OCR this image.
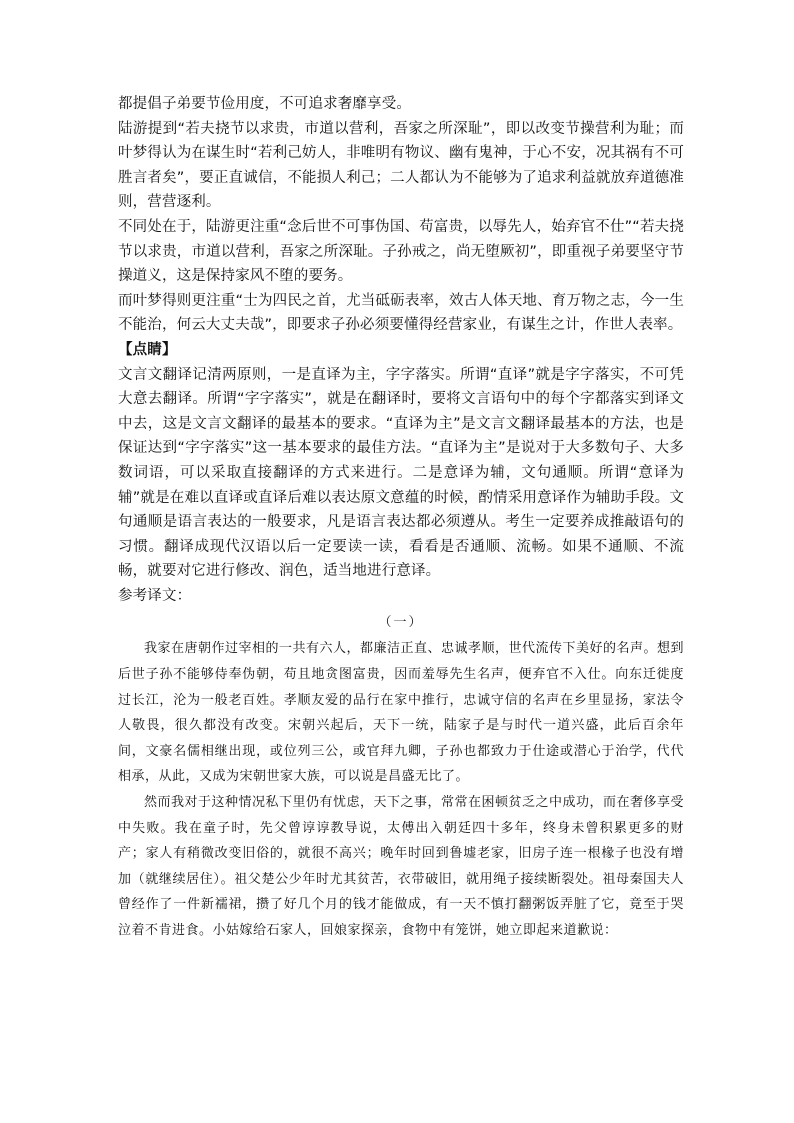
都提倡子弟要节俭用度，不可追求奢靡享受。

陆游提到“若夫挠节以求贵，市道以营利，吾家之所深耻”，即以改变节操营利为耻；而叶梦得认为在谋生时“若利己妨人，非唯明有物议、幽有鬼神，于心不安，况其祸有不可胜言者矣”，要正直诚信，不能损人利己；二人都认为不能够为了追求利益就放弃道德准则，营营逐利。

不同处在于，陆游更注重“念后世不可事伪国、苟富贵，以辱先人，始弃官不仕”“若夫挠节以求贵，市道以营利，吾家之所深耻。子孙戒之，尚无堕厥初”，即重视子弟要坚守节操道义，这是保持家风不堕的要务。

而叶梦得则更注重“士为四民之首，尤当砥砺表率，效古人体天地、育万物之志，今一生不能治，何云大丈夫哉”，即要求子孙必须要懂得经营家业，有谋生之计，作世人表率。

【点睛】

文言文翻译记清两原则，一是直译为主，字字落实。所谓“直译”就是字字落实，不可凭大意去翻译。所谓“字字落实”，就是在翻译时，要将文言语句中的每个字都落实到译文中去，这是文言文翻译的最基本的要求。“直译为主”是文言文翻译最基本的方法，也是保证达到“字字落实”这一基本要求的最佳方法。“直译为主”是说对于大多数句子、大多数词语，可以采取直接翻译的方式来进行。二是意译为辅，文句通顺。所谓“意译为辅”就是在难以直译或直译后难以表达原文意蕴的时候，酌情采用意译作为辅助手段。文句通顺是语言表达的一般要求，凡是语言表达都必须遵从。考生一定要养成推敲语句的习惯。翻译成现代汉语以后一定要读一读，看看是否通顺、流畅。如果不通顺、不流畅，就要对它进行修改、润色，适当地进行意译。

参考译文：

（一）

我家在唐朝作过宰相的一共有六人，都廉洁正直、忠诚孝顺，世代流传下美好的名声。想到后世子孙不能够侍奉伪朝，苟且地贪图富贵，因而羞辱先生名声，便弃官不入仕。向东迁徙度过长江，沦为一般老百姓。孝顺友爱的品行在家中推行，忠诚守信的名声在乡里显扬，家法令人敬畏，很久都没有改变。宋朝兴起后，天下一统，陆家子是与时代一道兴盛，此后百余年间，文豪名儒相继出现，或位列三公，或官拜九卿，子孙也都致力于仕途或潜心于治学，代代相承，从此，又成为宋朝世家大族，可以说是昌盛无比了。

然而我对于这种情况私下里仍有忧虑，天下之事，常常在困顿贫乏之中成功，而在奢侈享受中失败。我在童子时，先父曾谆谆教导说，太傅出入朝廷四十多年，终身未曾积累更多的财产；家人有稍微改变旧俗的，就很不高兴；晚年时回到鲁墟老家，旧房子连一根椽子也没有增加（就继续居住）。祖父楚公少年时尤其贫苦，衣带破旧，就用绳子接续断裂处。祖母秦国夫人曾经作了一件新襦裙，攒了好几个月的钱才能做成，有一天不慎打翻粥饭弄脏了它，竟至于哭泣着不肯进食。小姑嫁给石家人，回娘家探亲，食物中有笼饼，她立即起来道歉说：
